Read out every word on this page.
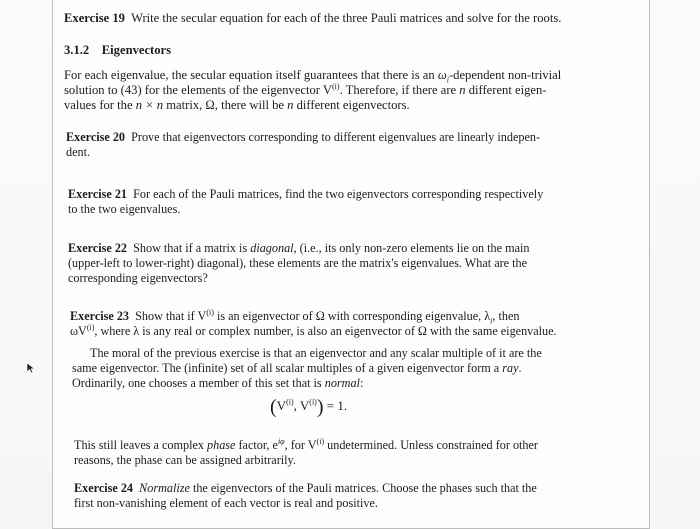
Exercise 19 Write the secular equation for each of the three Pauli matrices and solve for the roots.
3.1.2 Eigenvectors
For each eigenvalue, the secular equation itself guarantees that there is an $\omega_i$-dependent non-trivial
solution to (43) for the elements of the eigenvector $V^{(i)}$. Therefore, if there are n different eigen-
values for the n × n matrix, Ω, there will be n different eigenvectors.
Exercise 20 Prove that eigenvectors corresponding to different eigenvalues are linearly indepen-
dent.
Exercise 21 For each of the Pauli matrices, find the two eigenvectors corresponding respectively
to the two eigenvalues.
Exercise 22 Show that if a matrix is diagonal, (i.e., its only non-zero elements lie on the main
(upper-left to lower-right) diagonal), these elements are the matrix's eigenvalues. What are the
corresponding eigenvectors?
Exercise 23 Show that if $V^{(i)}$ is an eigenvector of Ω with corresponding eigenvalue, $\lambda_i$, then
$\omega V^{(i)}$, where λ is any real or complex number, is also an eigenvector of Ω with the same eigenvalue.
The moral of the previous exercise is that an eigenvector and any scalar multiple of it are the
same eigenvector. The (infinite) set of all scalar multiples of a given eigenvector form a ray.
Ordinarily, one chooses a member of this set that is normal:
($V^{(i)}$, $V^{(i)}) = 1$.
This still leaves a complex phase factor, $e^{i\varphi}$, for $V^{(i)}$ undetermined. Unless constrained for other
reasons, the phase can be assigned arbitrarily.
Exercise 24 Normalize the eigenvectors of the Pauli matrices. Choose the phases such that the
first non-vanishing element of each vector is real and positive.
